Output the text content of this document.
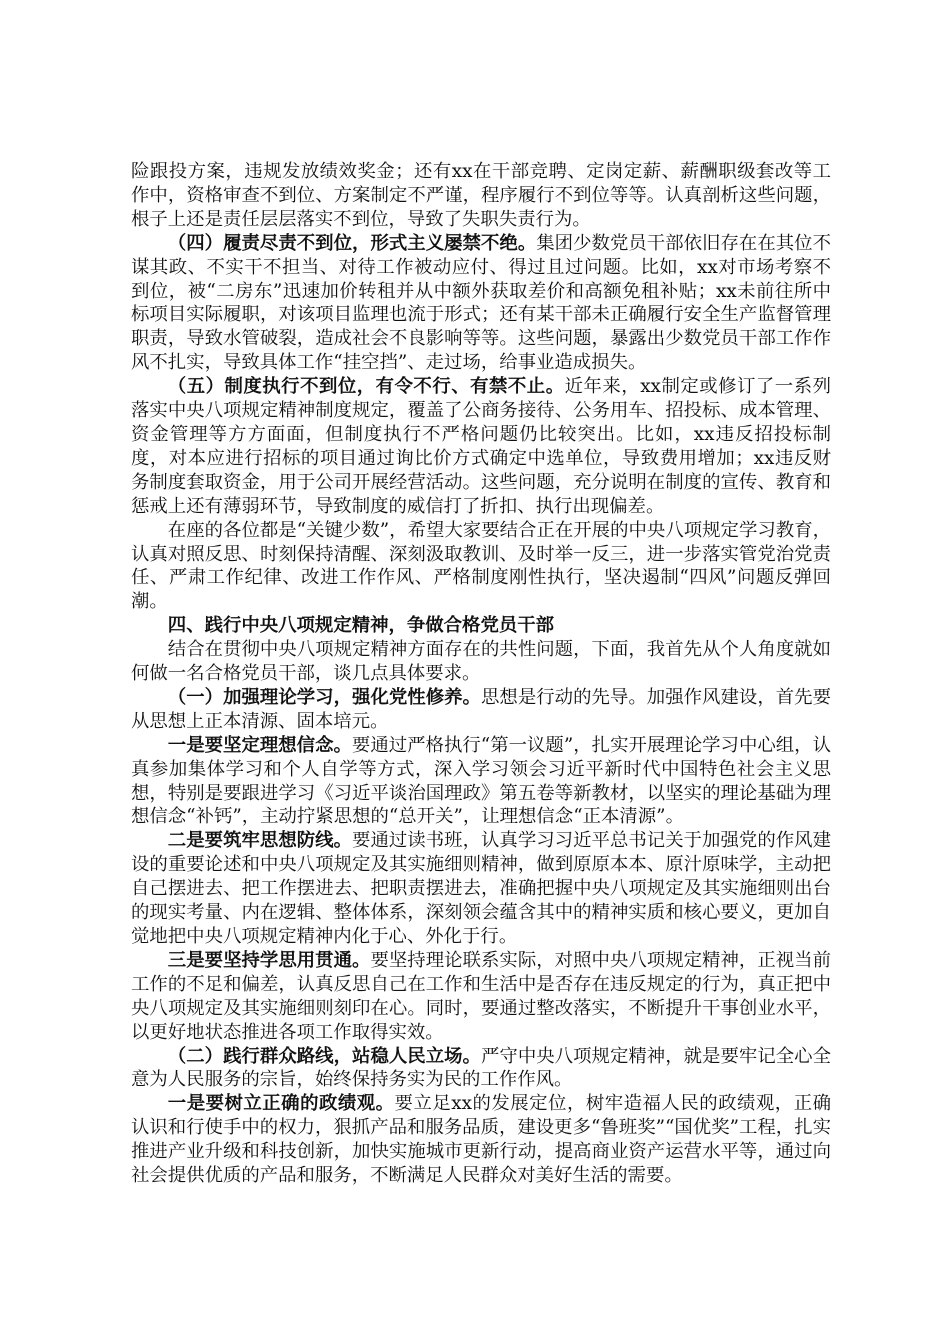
险跟投方案，违规发放绩效奖金；还有xx在干部竞聘、定岗定薪、薪酬职级套改等工作中，资格审查不到位、方案制定不严谨，程序履行不到位等等。认真剖析这些问题，根子上还是责任层层落实不到位，导致了失职失责行为。

（四）履责尽责不到位，形式主义屡禁不绝。集团少数党员干部依旧存在在其位不谋其政、不实干不担当、对待工作被动应付、得过且过问题。比如，xx对市场考察不到位，被“二房东”迅速加价转租并从中额外获取差价和高额免租补贴；xx未前往所中标项目实际履职，对该项目监理也流于形式；还有某干部未正确履行安全生产监督管理职责，导致水管破裂，造成社会不良影响等等。这些问题，暴露出少数党员干部工作作风不扎实，导致具体工作“挂空挡”、走过场，给事业造成损失。

（五）制度执行不到位，有令不行、有禁不止。近年来，xx制定或修订了一系列落实中央八项规定精神制度规定，覆盖了公商务接待、公务用车、招投标、成本管理、资金管理等方方面面，但制度执行不严格问题仍比较突出。比如，xx违反招投标制度，对本应进行招标的项目通过询比价方式确定中选单位，导致费用增加；xx违反财务制度套取资金，用于公司开展经营活动。这些问题，充分说明在制度的宣传、教育和惩戒上还有薄弱环节，导致制度的威信打了折扣、执行出现偏差。

在座的各位都是“关键少数”，希望大家要结合正在开展的中央八项规定学习教育，认真对照反思、时刻保持清醒、深刻汲取教训、及时举一反三，进一步落实管党治党责任、严肃工作纪律、改进工作作风、严格制度刚性执行，坚决遏制“四风”问题反弹回潮。

四、践行中央八项规定精神，争做合格党员干部

结合在贯彻中央八项规定精神方面存在的共性问题，下面，我首先从个人角度就如何做一名合格党员干部，谈几点具体要求。

（一）加强理论学习，强化党性修养。思想是行动的先导。加强作风建设，首先要从思想上正本清源、固本培元。

一是要坚定理想信念。要通过严格执行“第一议题”，扎实开展理论学习中心组，认真参加集体学习和个人自学等方式，深入学习领会习近平新时代中国特色社会主义思想，特别是要跟进学习《习近平谈治国理政》第五卷等新教材，以坚实的理论基础为理想信念“补钙”，主动拧紧思想的“总开关”，让理想信念“正本清源”。

二是要筑牢思想防线。要通过读书班，认真学习习近平总书记关于加强党的作风建设的重要论述和中央八项规定及其实施细则精神，做到原原本本、原汁原味学，主动把自己摆进去、把工作摆进去、把职责摆进去，准确把握中央八项规定及其实施细则出台的现实考量、内在逻辑、整体体系，深刻领会蕴含其中的精神实质和核心要义，更加自觉地把中央八项规定精神内化于心、外化于行。

三是要坚持学思用贯通。要坚持理论联系实际，对照中央八项规定精神，正视当前工作的不足和偏差，认真反思自己在工作和生活中是否存在违反规定的行为，真正把中央八项规定及其实施细则刻印在心。同时，要通过整改落实，不断提升干事创业水平，以更好地状态推进各项工作取得实效。

（二）践行群众路线，站稳人民立场。严守中央八项规定精神，就是要牢记全心全意为人民服务的宗旨，始终保持务实为民的工作作风。

一是要树立正确的政绩观。要立足xx的发展定位，树牢造福人民的政绩观，正确认识和行使手中的权力，狠抓产品和服务品质，建设更多“鲁班奖”“国优奖”工程，扎实推进产业升级和科技创新，加快实施城市更新行动，提高商业资产运营水平等，通过向社会提供优质的产品和服务，不断满足人民群众对美好生活的需要。
